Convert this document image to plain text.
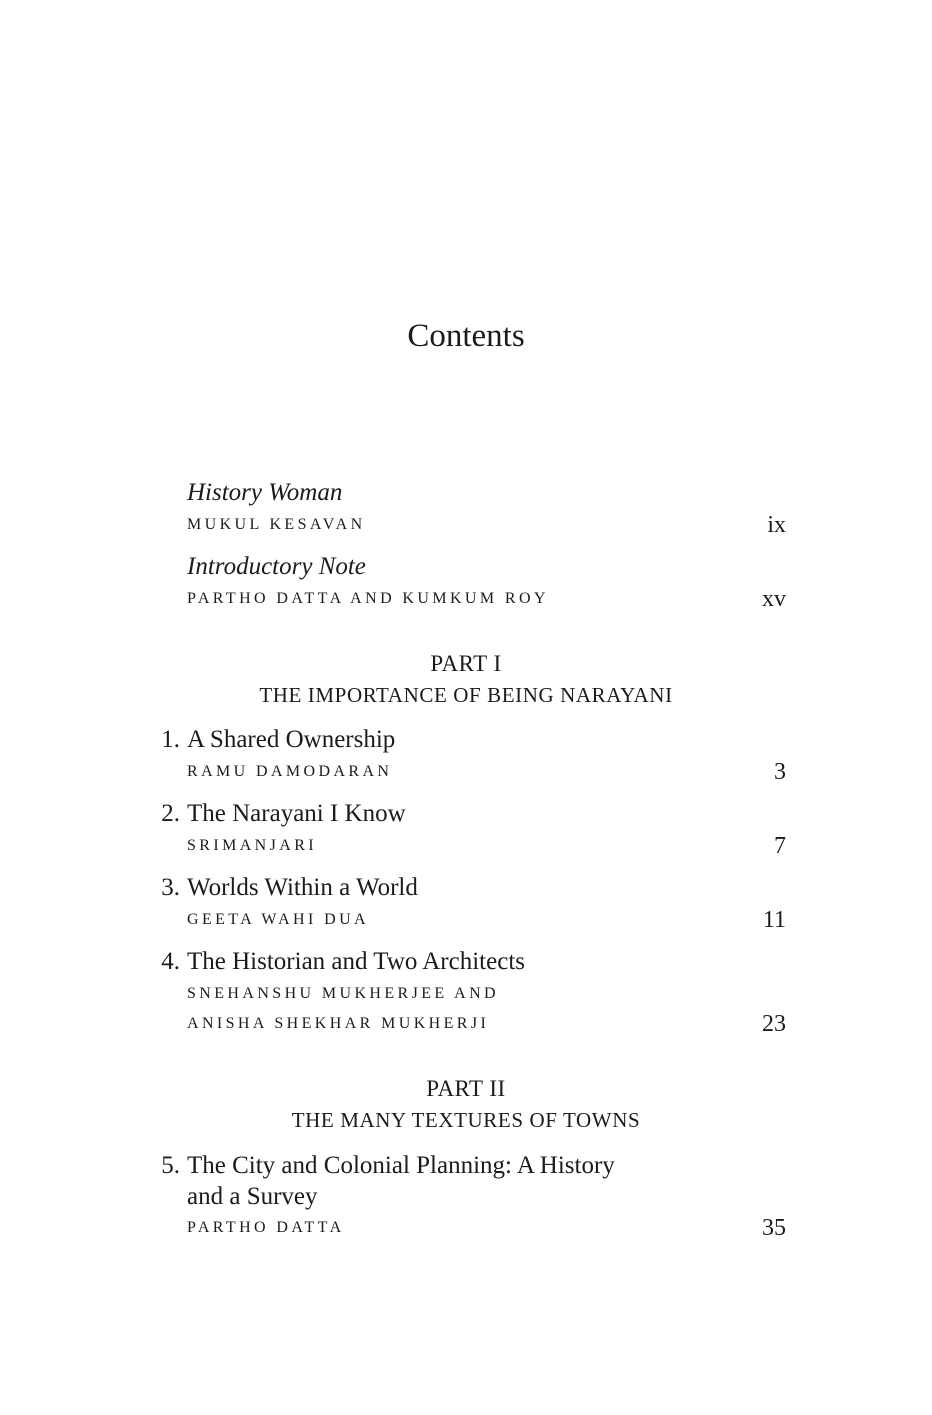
Contents
History Woman
MUKUL KESAVAN	ix
Introductory Note
PARTHO DATTA AND KUMKUM ROY	xv
PART I
THE IMPORTANCE OF BEING NARAYANI
1. A Shared Ownership
RAMU DAMODARAN	3
2. The Narayani I Know
SRIMANJARI	7
3. Worlds Within a World
GEETA WAHI DUA	11
4. The Historian and Two Architects
SNEHANSHU MUKHERJEE AND
ANISHA SHEKHAR MUKHERJI	23
PART II
THE MANY TEXTURES OF TOWNS
5. The City and Colonial Planning: A History
and a Survey
PARTHO DATTA	35
